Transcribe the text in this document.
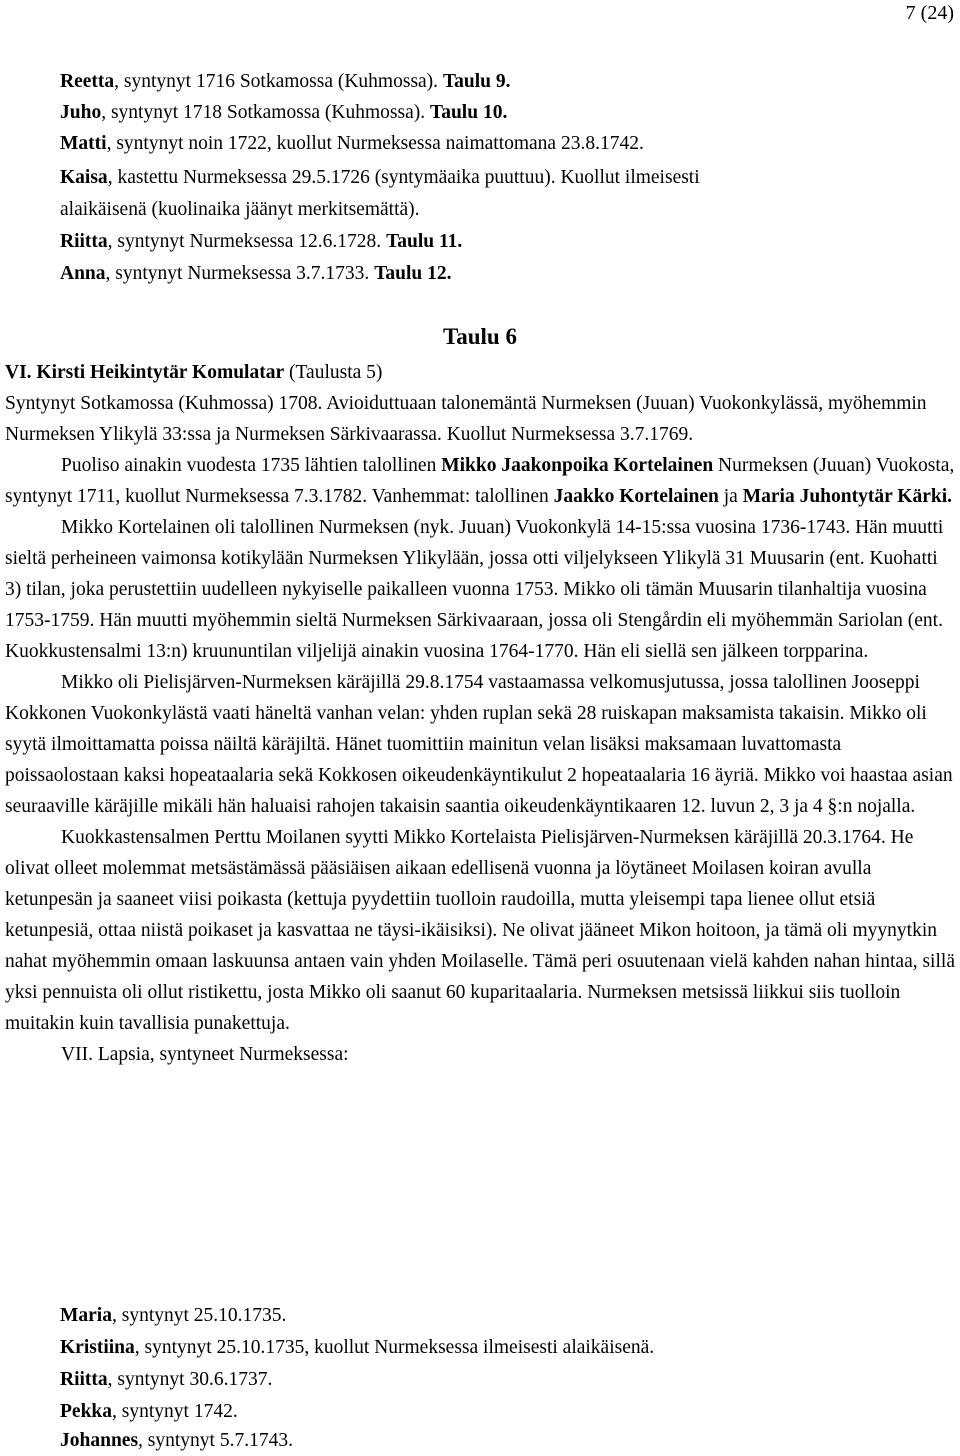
7 (24)
Reetta, syntynyt 1716 Sotkamossa (Kuhmossa). Taulu 9.
Juho, syntynyt 1718 Sotkamossa (Kuhmossa). Taulu 10.
Matti, syntynyt noin 1722, kuollut Nurmeksessa naimattomana 23.8.1742.
Kaisa, kastettu Nurmeksessa 29.5.1726 (syntymäaika puuttuu). Kuollut ilmeisesti
alaikäisenä (kuolinaika jäänyt merkitsemättä).
Riitta, syntynyt Nurmeksessa 12.6.1728. Taulu 11.
Anna, syntynyt Nurmeksessa 3.7.1733. Taulu 12.
Taulu 6
VI. Kirsti Heikintytär Komulatar (Taulusta 5)

Syntynyt Sotkamossa (Kuhmossa) 1708. Avioiduttuaan talonemäntä Nurmeksen (Juuan) Vuokonkylässä, myöhemmin Nurmeksen Ylikylä 33:ssa ja Nurmeksen Särkivaarassa. Kuollut Nurmeksessa 3.7.1769.

Puoliso ainakin vuodesta 1735 lähtien talollinen Mikko Jaakonpoika Kortelainen Nurmeksen (Juuan) Vuokosta, syntynyt 1711, kuollut Nurmeksessa 7.3.1782. Vanhemmat: talollinen Jaakko Kortelainen ja Maria Juhontytär Kärki.

Mikko Kortelainen oli talollinen Nurmeksen (nyk. Juuan) Vuokonkylä 14-15:ssa vuosina 1736-1743. Hän muutti sieltä perheineen vaimonsa kotikylään Nurmeksen Ylikylään, jossa otti viljelykseen Ylikylä 31 Muusarin (ent. Kuohatti 3) tilan, joka perustettiin uudelleen nykyiselle paikalleen vuonna 1753. Mikko oli tämän Muusarin tilanhaltija vuosina 1753-1759. Hän muutti myöhemmin sieltä Nurmeksen Särkivaaraan, jossa oli Stengårdin eli myöhemmän Sariolan (ent. Kuokkustensalmi 13:n) kruununtilan viljelijä ainakin vuosina 1764-1770. Hän eli siellä sen jälkeen torpparina.

Mikko oli Pielisjärven-Nurmeksen käräjillä 29.8.1754 vastaamassa velkomusjutussa, jossa talollinen Jooseppi Kokkonen Vuokonkylästä vaati häneltä vanhan velan: yhden ruplan sekä 28 ruiskapan maksamista takaisin. Mikko oli syytä ilmoittamatta poissa näiltä käräjiltä. Hänet tuomittiin mainitun velan lisäksi maksamaan luvattomasta poissaolostaan kaksi hopeataalaria sekä Kokkosen oikeudenkäyntikulut 2 hopeataalaria 16 äyriä. Mikko voi haastaa asian seuraaville käräjille mikäli hän haluaisi rahojen takaisin saantia oikeudenkäyntikaaren 12. luvun 2, 3 ja 4 §:n nojalla.

Kuokkastensalmen Perttu Moilanen syytti Mikko Kortelaista Pielisjärven-Nurmeksen käräjillä 20.3.1764. He olivat olleet molemmat metsästämässä pääsiäisen aikaan edellisenä vuonna ja löytäneet Moilasen koiran avulla ketunpesän ja saaneet viisi poikasta (kettuja pyydettiin tuolloin raudoilla, mutta yleisempi tapa lienee ollut etsiä ketunpesiä, ottaa niistä poikaset ja kasvattaa ne täysi-ikäisiksi). Ne olivat jääneet Mikon hoitoon, ja tämä oli myynytkin nahat myöhemmin omaan laskuunsa antaen vain yhden Moilaselle. Tämä peri osuutenaan vielä kahden nahan hintaa, sillä yksi pennuista oli ollut ristikettu, josta Mikko oli saanut 60 kuparitaalaria. Nurmeksen metsissä liikkui siis tuolloin muitakin kuin tavallisia punakettuja.

VII. Lapsia, syntyneet Nurmeksessa:

Maria, syntynyt 25.10.1735.
Kristiina, syntynyt 25.10.1735, kuollut Nurmeksessa ilmeisesti alaikäisenä.
Riitta, syntynyt 30.6.1737.
Pekka, syntynyt 1742.
Johannes, syntynyt 5.7.1743.
